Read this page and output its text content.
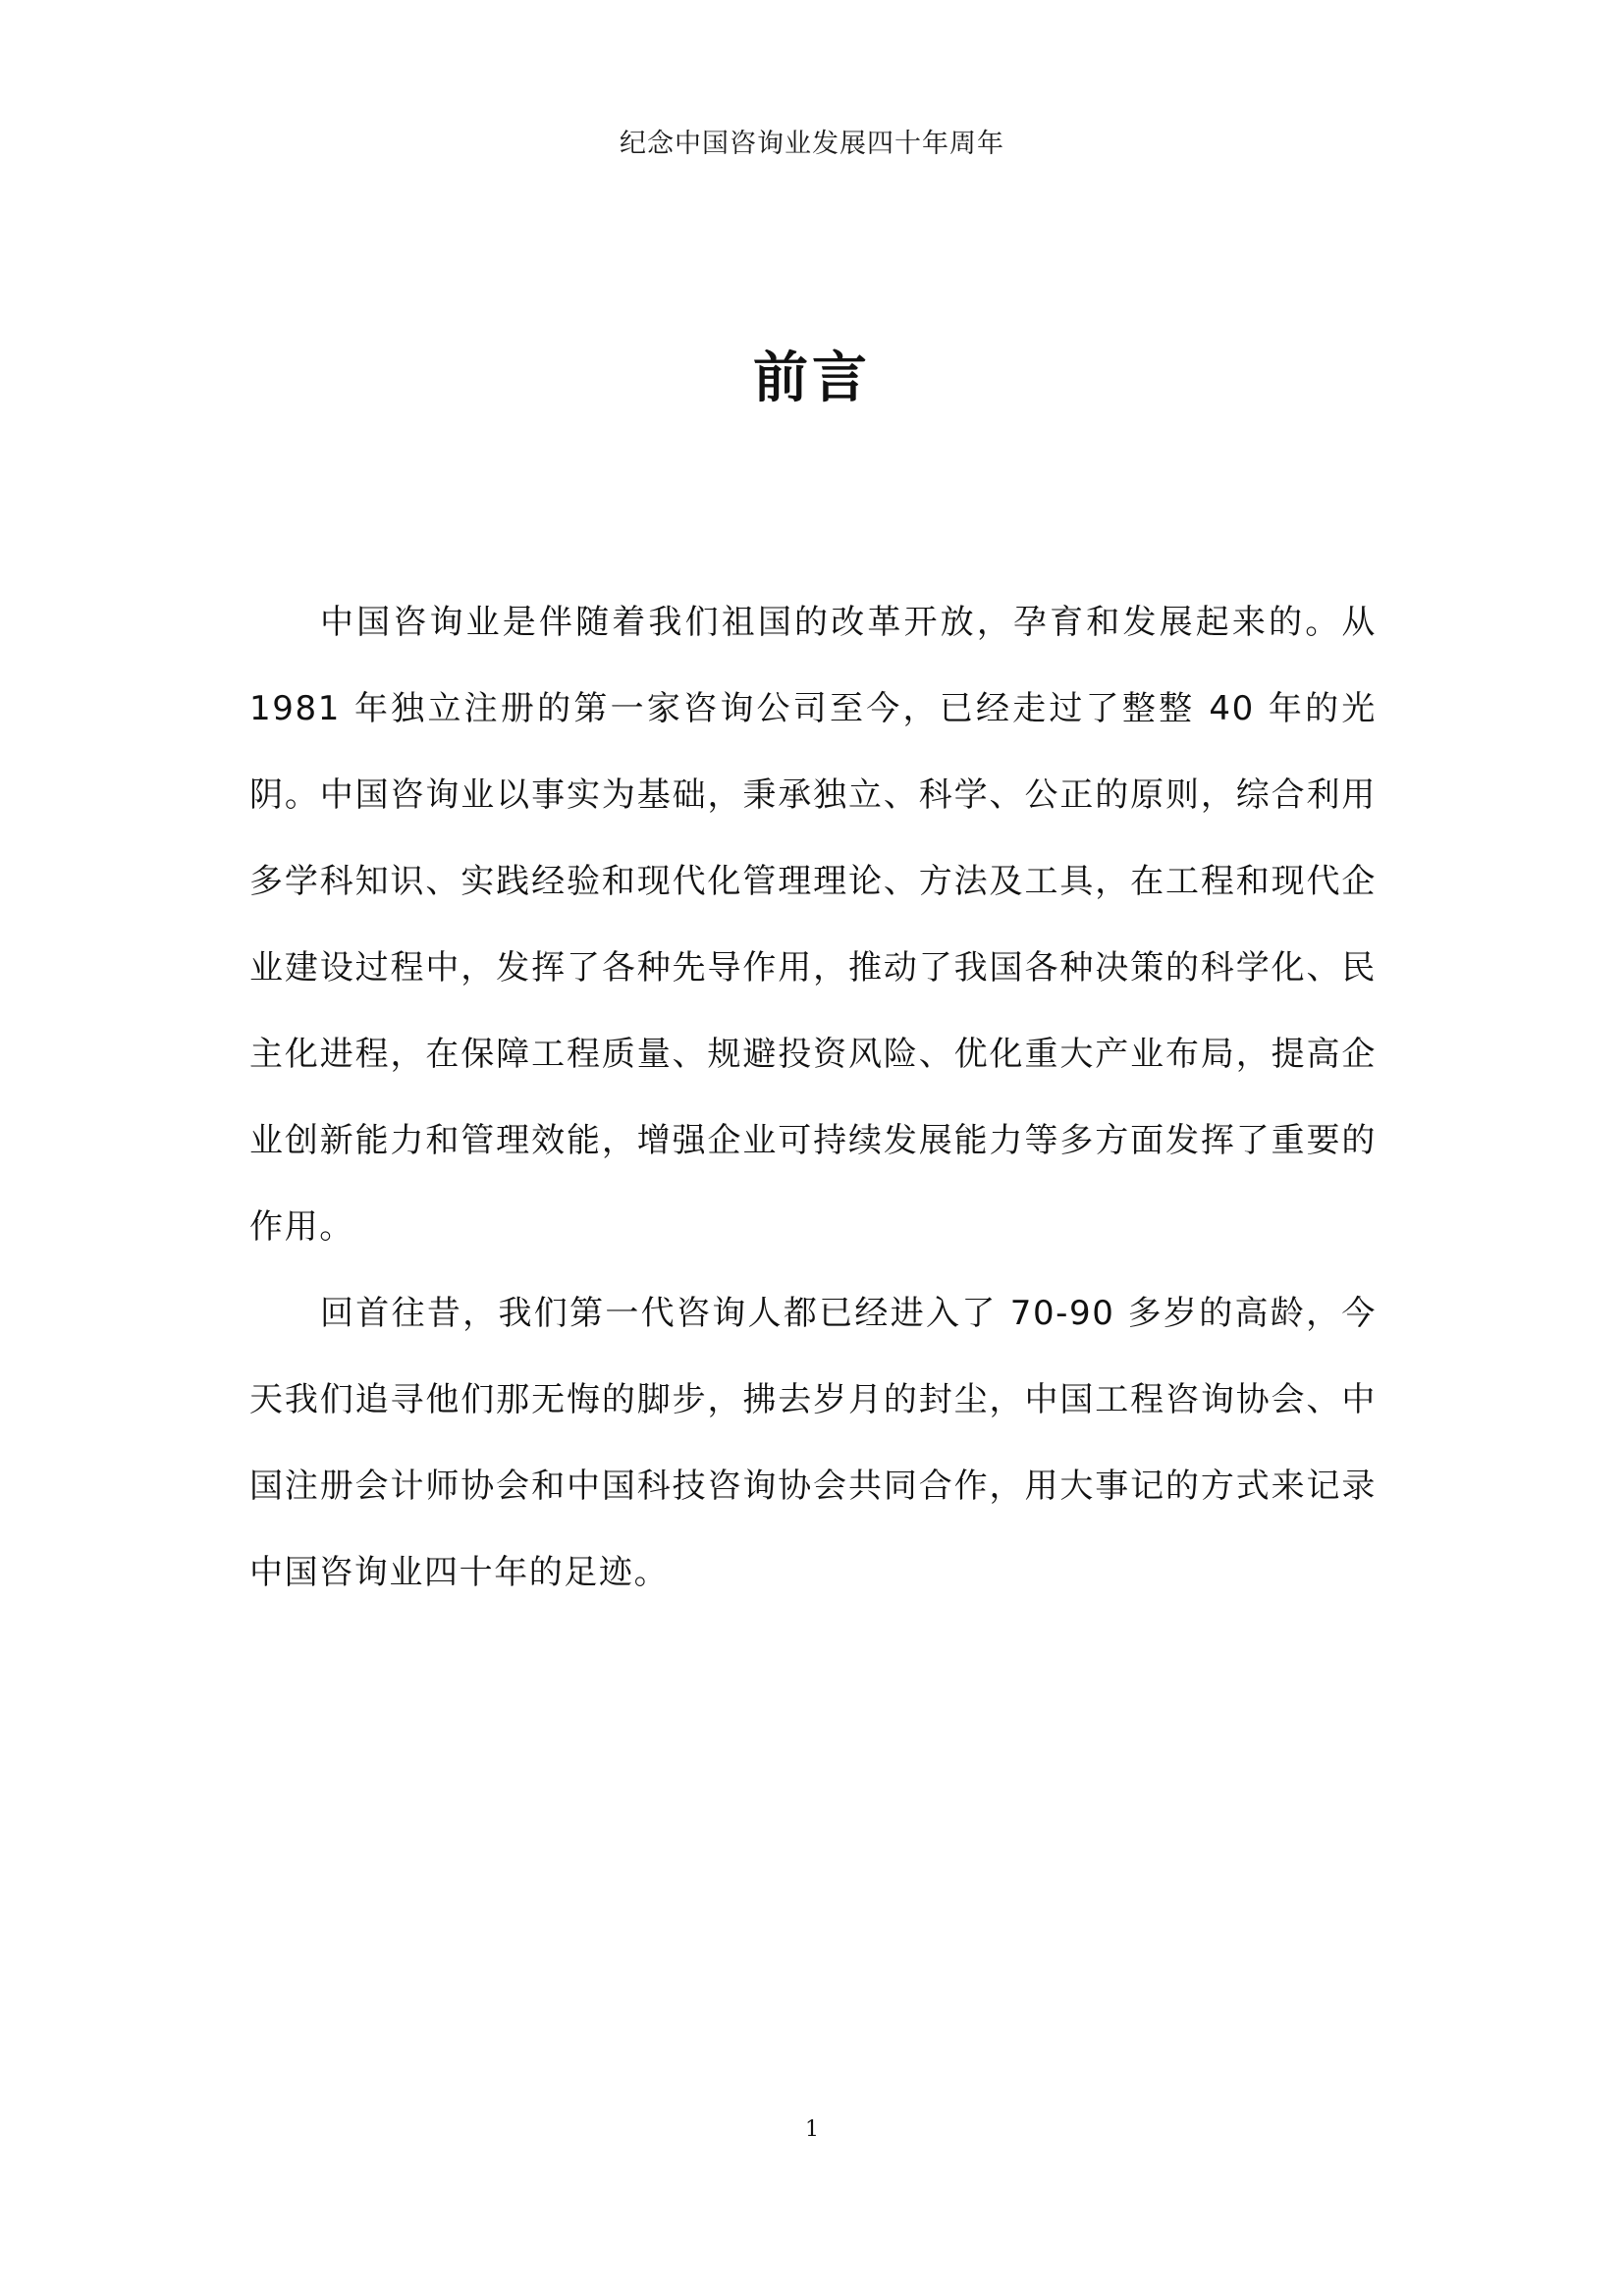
纪念中国咨询业发展四十年周年
前言

中国咨询业是伴随着我们祖国的改革开放，孕育和发展起来的。从 1981 年独立注册的第一家咨询公司至今，已经走过了整整 40 年的光阴。中国咨询业以事实为基础，秉承独立、科学、公正的原则，综合利用多学科知识、实践经验和现代化管理理论、方法及工具，在工程和现代企业建设过程中，发挥了各种先导作用，推动了我国各种决策的科学化、民主化进程，在保障工程质量、规避投资风险、优化重大产业布局，提高企业创新能力和管理效能，增强企业可持续发展能力等多方面发挥了重要的作用。

回首往昔，我们第一代咨询人都已经进入了 70-90 多岁的高龄，今天我们追寻他们那无悔的脚步，拂去岁月的封尘，中国工程咨询协会、中国注册会计师协会和中国科技咨询协会共同合作，用大事记的方式来记录中国咨询业四十年的足迹。

1
